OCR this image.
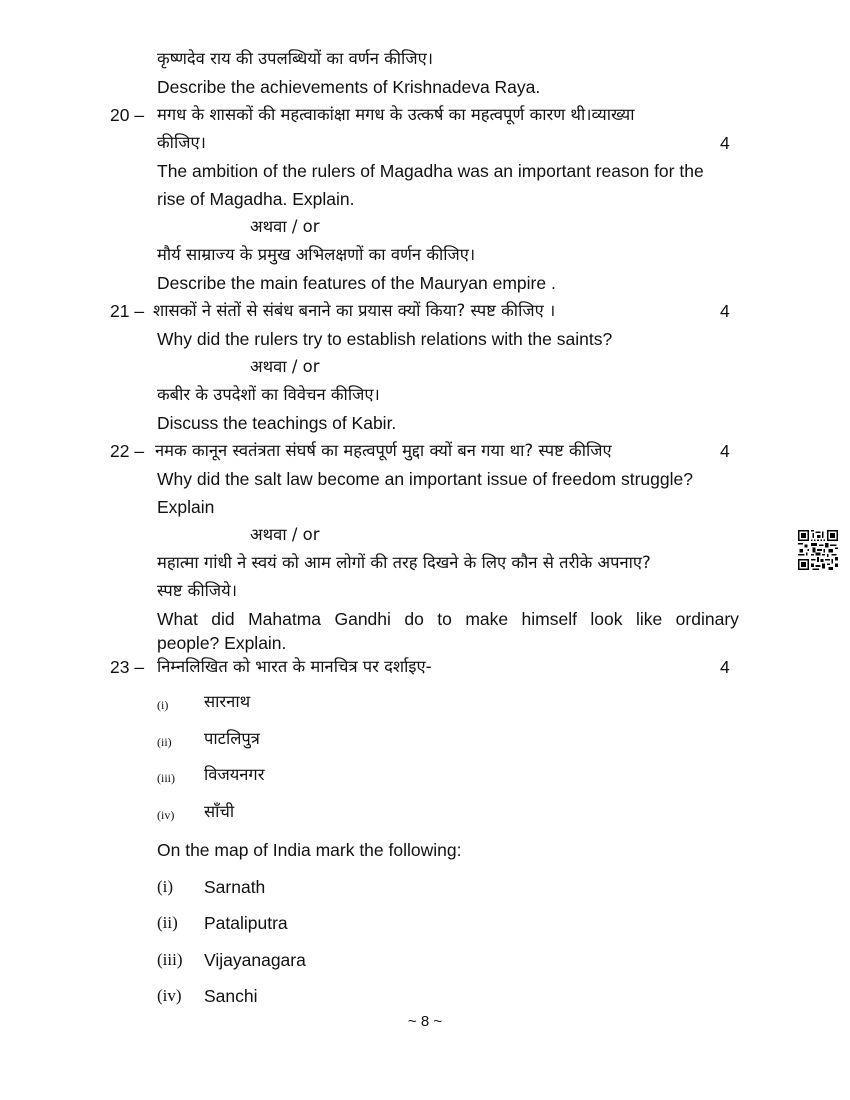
कृष्णदेव राय की उपलब्धियों का वर्णन कीजिए।
Describe the achievements of Krishnadeva Raya.
20 – मगध के शासकों की महत्वाकांक्षा मगध के उत्कर्ष का महत्वपूर्ण कारण थी।व्याख्या
कीजिए।	4
The ambition of the rulers of Magadha was an important reason for the
rise of Magadha. Explain.
अथवा / or
मौर्य साम्राज्य के प्रमुख अभिलक्षणों का वर्णन कीजिए।
Describe the main features of the Mauryan empire .
21 – शासकों ने संतों से संबंध बनाने का प्रयास क्यों किया? स्पष्ट कीजिए ।	4
Why did the rulers try to establish relations with the saints?
अथवा / or
कबीर के उपदेशों का विवेचन कीजिए।
Discuss the teachings of Kabir.
22 – नमक कानून स्वतंत्रता संघर्ष का महत्वपूर्ण मुद्दा क्यों बन गया था? स्पष्ट कीजिए	4
Why did the salt law become an important issue of freedom struggle?
Explain
अथवा / or
महात्मा गांधी ने स्वयं को आम लोगों की तरह दिखने के लिए कौन से तरीके अपनाए?
स्पष्ट कीजिये।
What did Mahatma Gandhi do to make himself look like ordinary
people? Explain.
23 – निम्नलिखित को भारत के मानचित्र पर दर्शाइए-	4
(i) सारनाथ
(ii) पाटलिपुत्र
(iii) विजयनगर
(iv) साँची
On the map of India mark the following:
(i) Sarnath
(ii) Pataliputra
(iii) Vijayanagara
(iv) Sanchi
~ 8 ~
